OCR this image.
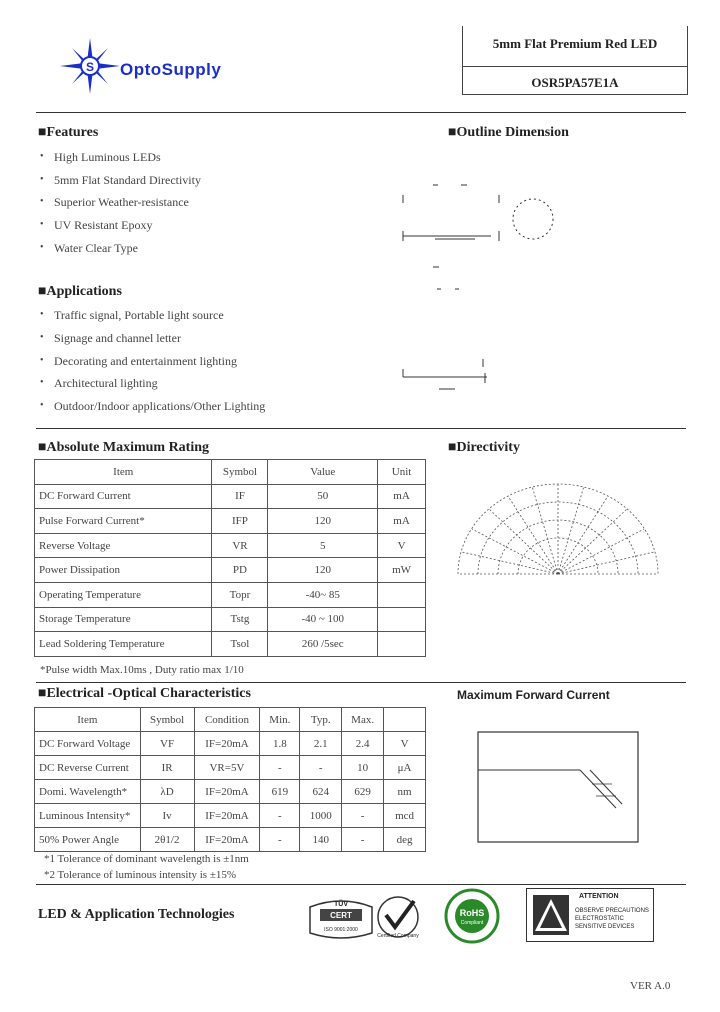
S OptoSupply
5mm Flat Premium Red LED
OSR5PA57E1A
■Features
• High Luminous LEDs
• 5mm Flat Standard Directivity
• Superior Weather-resistance
• UV Resistant Epoxy
• Water Clear Type
■Outline Dimension
■Applications
• Traffic signal, Portable light source
• Signage and channel letter
• Decorating and entertainment lighting
• Architectural lighting
• Outdoor/Indoor applications/Other Lighting
■Absolute Maximum Rating
Item	Symbol	Value	Unit
DC Forward Current	IF	50	mA
Pulse Forward Current*	IFP	120	mA
Reverse Voltage	VR	5	V
Power Dissipation	PD	120	mW
Operating Temperature	Topr	-40~ 85	
Storage Temperature	Tstg	-40 ~ 100	
Lead Soldering Temperature	Tsol	260 /5sec	
*Pulse width Max.10ms , Duty ratio max 1/10
■Directivity
■Electrical -Optical Characteristics
Item	Symbol	Condition	Min.	Typ.	Max.	
DC Forward Voltage	VF	IF=20mA	1.8	2.1	2.4	V
DC Reverse Current	IR	VR=5V	-	-	10	μA
Domi. Wavelength*	λD	IF=20mA	619	624	629	nm
Luminous Intensity*	Iv	IF=20mA	-	1000	-	mcd
50% Power Angle	2θ1/2	IF=20mA	-	140	-	deg
*1 Tolerance of dominant wavelength is ±1nm
*2 Tolerance of luminous intensity is ±15%
Maximum Forward Current
LED & Application Technologies
TÜV
CERT
ISO 9001:2000
Certified Company
RoHS
Compliant
ATTENTION
OBSERVE PRECAUTIONS
ELECTROSTATIC
SENSITIVE DEVICES
VER A.0
